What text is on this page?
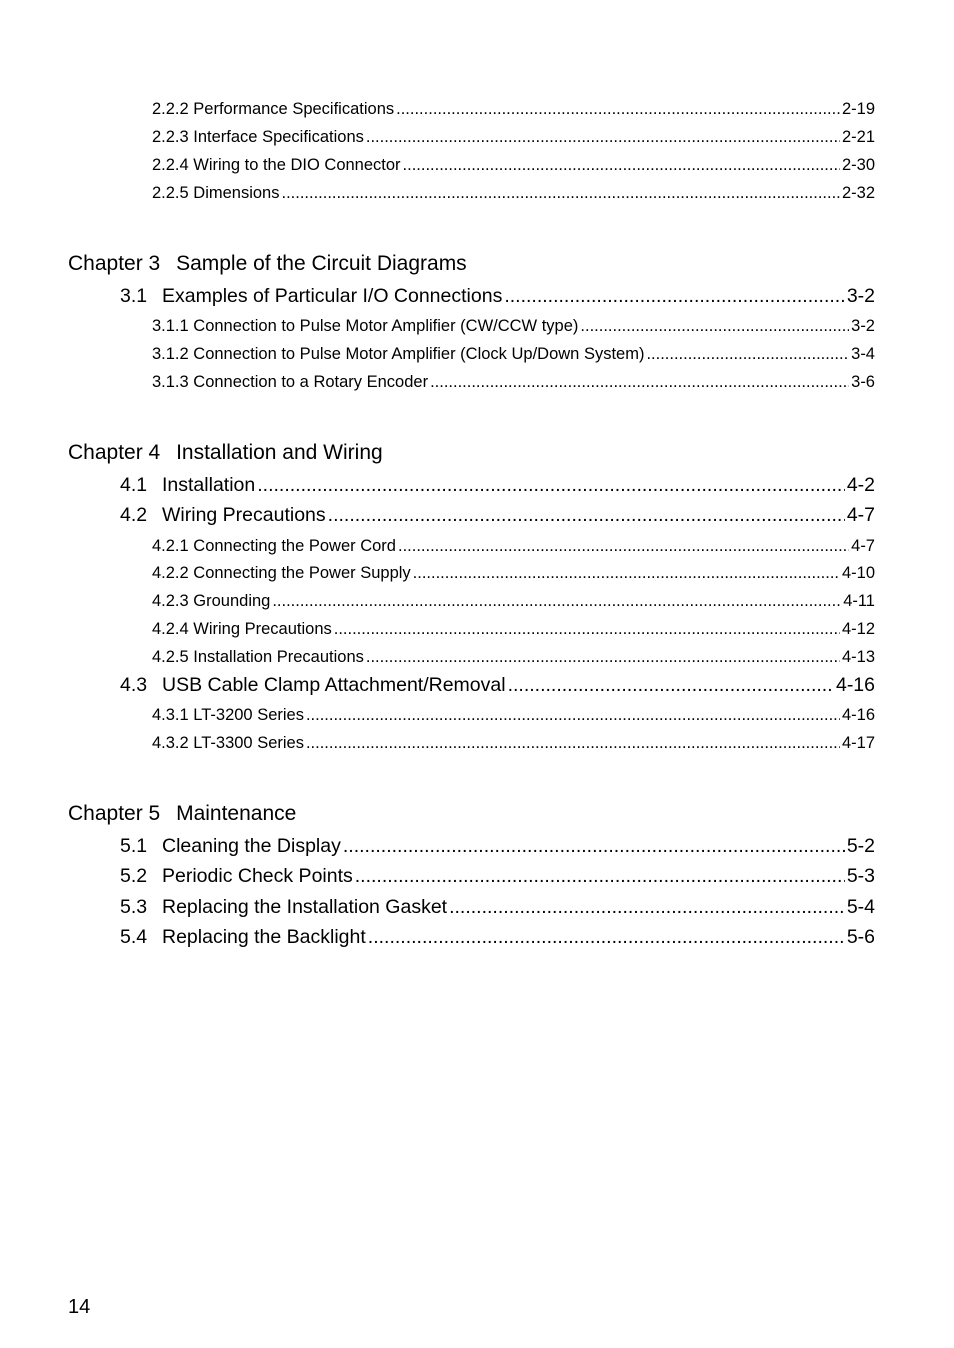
2.2.2 Performance Specifications .....	2-19
2.2.3 Interface Specifications .....	2-21
2.2.4 Wiring to the DIO Connector .....	2-30
2.2.5 Dimensions .....	2-32
Chapter 3 Sample of the Circuit Diagrams
3.1 Examples of Particular I/O Connections .....	3-2
3.1.1 Connection to Pulse Motor Amplifier (CW/CCW type) .....	3-2
3.1.2 Connection to Pulse Motor Amplifier (Clock Up/Down System) .....	3-4
3.1.3 Connection to a Rotary Encoder .....	3-6
Chapter 4 Installation and Wiring
4.1 Installation .....	4-2
4.2 Wiring Precautions .....	4-7
4.2.1 Connecting the Power Cord .....	4-7
4.2.2 Connecting the Power Supply .....	4-10
4.2.3 Grounding .....	4-11
4.2.4 Wiring Precautions .....	4-12
4.2.5 Installation Precautions .....	4-13
4.3 USB Cable Clamp Attachment/Removal .....	4-16
4.3.1 LT-3200 Series .....	4-16
4.3.2 LT-3300 Series .....	4-17
Chapter 5 Maintenance
5.1 Cleaning the Display .....	5-2
5.2 Periodic Check Points .....	5-3
5.3 Replacing the Installation Gasket .....	5-4
5.4 Replacing the Backlight .....	5-6
14
